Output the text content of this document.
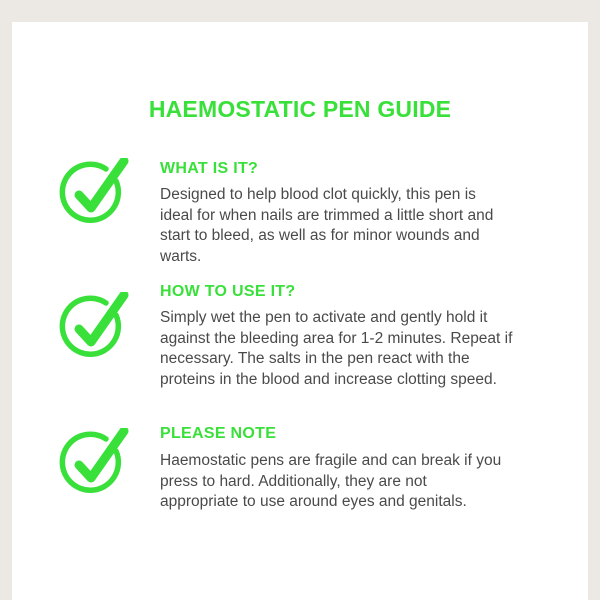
HAEMOSTATIC PEN GUIDE
WHAT IS IT?
Designed to help blood clot quickly, this pen is
ideal for when nails are trimmed a little short and
start to bleed, as well as for minor wounds and
warts.
HOW TO USE IT?
Simply wet the pen to activate and gently hold it
against the bleeding area for 1-2 minutes. Repeat if
necessary. The salts in the pen react with the
proteins in the blood and increase clotting speed.
PLEASE NOTE
Haemostatic pens are fragile and can break if you
press to hard. Additionally, they are not
appropriate to use around eyes and genitals.
